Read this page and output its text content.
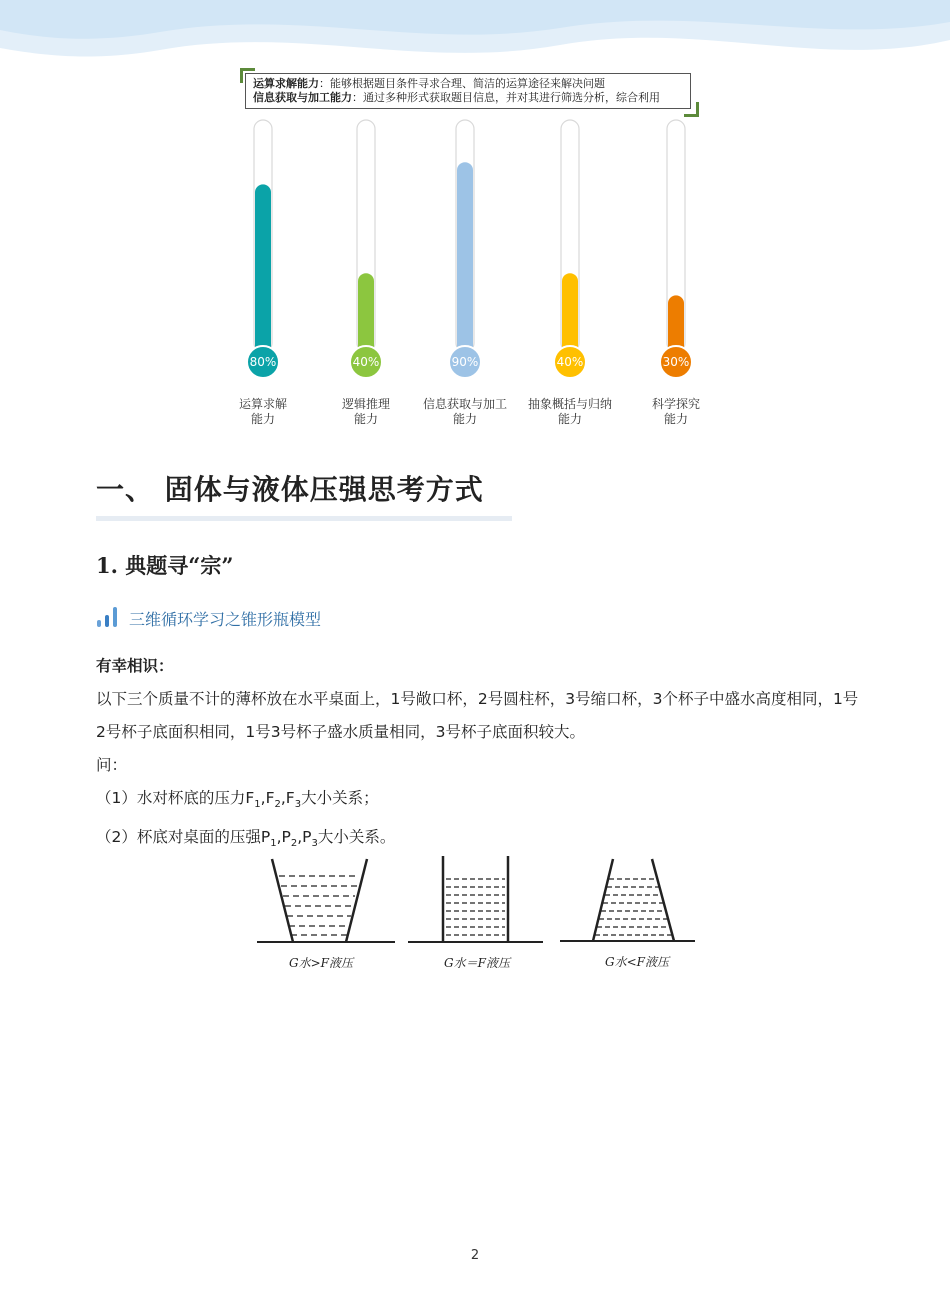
运算求解能力：能够根据题目条件寻求合理、简洁的运算途径来解决问题
信息获取与加工能力：通过多种形式获取题目信息，并对其进行筛选分析，综合利用
80%	40%	90%	40%	30%
运算求解
能力
逻辑推理
能力
信息获取与加工
能力
抽象概括与归纳
能力
科学探究
能力
一、 固体与液体压强思考方式
1. 典题寻“宗”
三维循环学习之锥形瓶模型

有幸相识：

以下三个质量不计的薄杯放在水平桌面上，1号敞口杯，2号圆柱杯，3号缩口杯，3个杯子中盛水高度相同，1号2号杯子底面积相同，1号3号杯子盛水质量相同，3号杯子底面积较大。

问：

（1）水对杯底的压力$F_1,F_2,F_3$大小关系；

（2）杯底对桌面的压强$P_1,P_2,P_3$大小关系。

G水>F液压	G水＝F液压	G水<F液压
2
